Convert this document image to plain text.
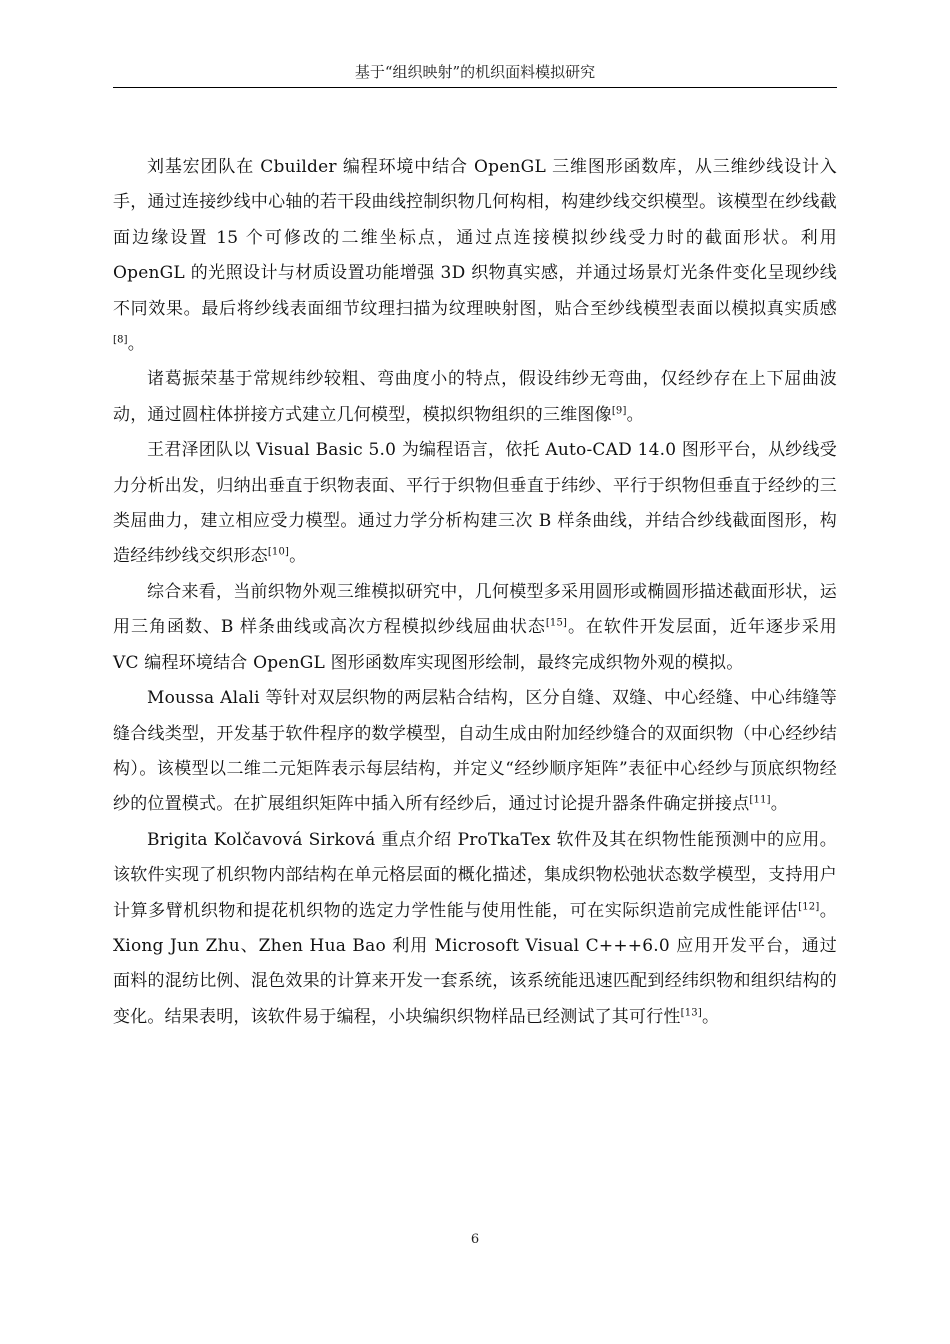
基于“组织映射”的机织面料模拟研究

刘基宏团队在 Cbuilder 编程环境中结合 OpenGL 三维图形函数库，从三维纱线设计入手，通过连接纱线中心轴的若干段曲线控制织物几何构相，构建纱线交织模型。该模型在纱线截面边缘设置 15 个可修改的二维坐标点，通过点连接模拟纱线受力时的截面形状。利用 OpenGL 的光照设计与材质设置功能增强 3D 织物真实感，并通过场景灯光条件变化呈现纱线不同效果。最后将纱线表面细节纹理扫描为纹理映射图，贴合至纱线模型表面以模拟真实质感[8]。

诸葛振荣基于常规纬纱较粗、弯曲度小的特点，假设纬纱无弯曲，仅经纱存在上下屈曲波动，通过圆柱体拼接方式建立几何模型，模拟织物组织的三维图像[9]。

王君泽团队以 Visual Basic 5.0 为编程语言，依托 Auto-CAD 14.0 图形平台，从纱线受力分析出发，归纳出垂直于织物表面、平行于织物但垂直于纬纱、平行于织物但垂直于经纱的三类屈曲力，建立相应受力模型。通过力学分析构建三次 B 样条曲线，并结合纱线截面图形，构造经纬纱线交织形态[10]。

综合来看，当前织物外观三维模拟研究中，几何模型多采用圆形或椭圆形描述截面形状，运用三角函数、B 样条曲线或高次方程模拟纱线屈曲状态[15]。在软件开发层面，近年逐步采用 VC 编程环境结合 OpenGL 图形函数库实现图形绘制，最终完成织物外观的模拟。

Moussa Alali 等针对双层织物的两层粘合结构，区分自缝、双缝、中心经缝、中心纬缝等缝合线类型，开发基于软件程序的数学模型，自动生成由附加经纱缝合的双面织物（中心经纱结构）。该模型以二维二元矩阵表示每层结构，并定义“经纱顺序矩阵”表征中心经纱与顶底织物经纱的位置模式。在扩展组织矩阵中插入所有经纱后，通过讨论提升器条件确定拼接点[11]。

Brigita Kolčavová Sirková 重点介绍 ProTkaTex 软件及其在织物性能预测中的应用。该软件实现了机织物内部结构在单元格层面的概化描述，集成织物松弛状态数学模型，支持用户计算多臂机织物和提花机织物的选定力学性能与使用性能，可在实际织造前完成性能评估[12]。Xiong Jun Zhu、Zhen Hua Bao 利用 Microsoft Visual C+++6.0 应用开发平台，通过面料的混纺比例、混色效果的计算来开发一套系统，该系统能迅速匹配到经纬织物和组织结构的变化。结果表明，该软件易于编程，小块编织织物样品已经测试了其可行性[13]。

6
